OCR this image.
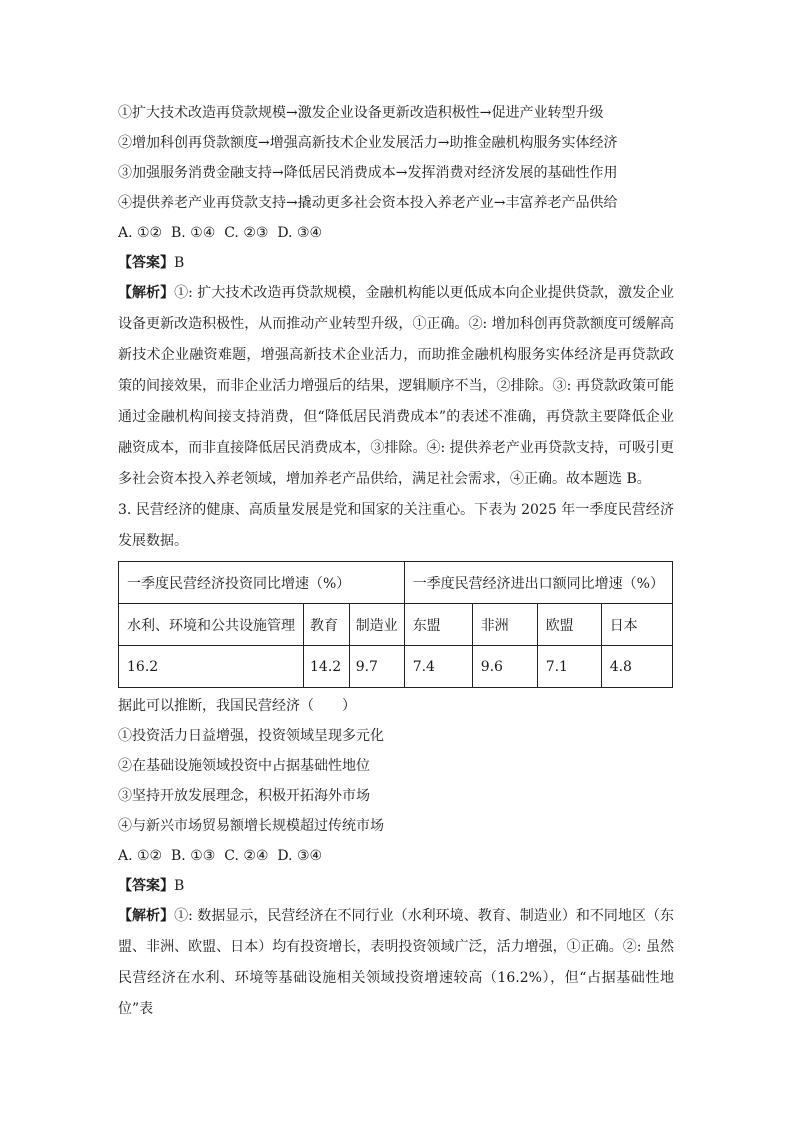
①扩大技术改造再贷款规模→激发企业设备更新改造积极性→促进产业转型升级
②增加科创再贷款额度→增强高新技术企业发展活力→助推金融机构服务实体经济
③加强服务消费金融支持→降低居民消费成本→发挥消费对经济发展的基础性作用
④提供养老产业再贷款支持→撬动更多社会资本投入养老产业→丰富养老产品供给
A. ①②  B. ①④  C. ②③  D. ③④
【答案】B

【解析】①: 扩大技术改造再贷款规模，金融机构能以更低成本向企业提供贷款，激发企业设备更新改造积极性，从而推动产业转型升级，①正确。②: 增加科创再贷款额度可缓解高新技术企业融资难题，增强高新技术企业活力，而助推金融机构服务实体经济是再贷款政策的间接效果，而非企业活力增强后的结果，逻辑顺序不当，②排除。③: 再贷款政策可能通过金融机构间接支持消费，但“降低居民消费成本”的表述不准确，再贷款主要降低企业融资成本，而非直接降低居民消费成本，③排除。④: 提供养老产业再贷款支持，可吸引更多社会资本投入养老领域，增加养老产品供给，满足社会需求，④正确。故本题选 B。

3. 民营经济的健康、高质量发展是党和国家的关注重心。下表为 2025 年一季度民营经济发展数据。

一季度民营经济投资同比增速（%）			一季度民营经济进出口额同比增速（%）			
水利、环境和公共设施管理	教育	制造业	东盟	非洲	欧盟	日本
16.2	14.2	9.7	7.4	9.6	7.1	4.8
据此可以推断，我国民营经济（　　）
①投资活力日益增强，投资领域呈现多元化
②在基础设施领域投资中占据基础性地位
③坚持开放发展理念，积极开拓海外市场
④与新兴市场贸易额增长规模超过传统市场
A. ①②  B. ①③  C. ②④  D. ③④
【答案】B

【解析】①: 数据显示，民营经济在不同行业（水利环境、教育、制造业）和不同地区（东盟、非洲、欧盟、日本）均有投资增长，表明投资领域广泛，活力增强，①正确。②: 虽然民营经济在水利、环境等基础设施相关领域投资增速较高（16.2%），但“占据基础性地位”表
